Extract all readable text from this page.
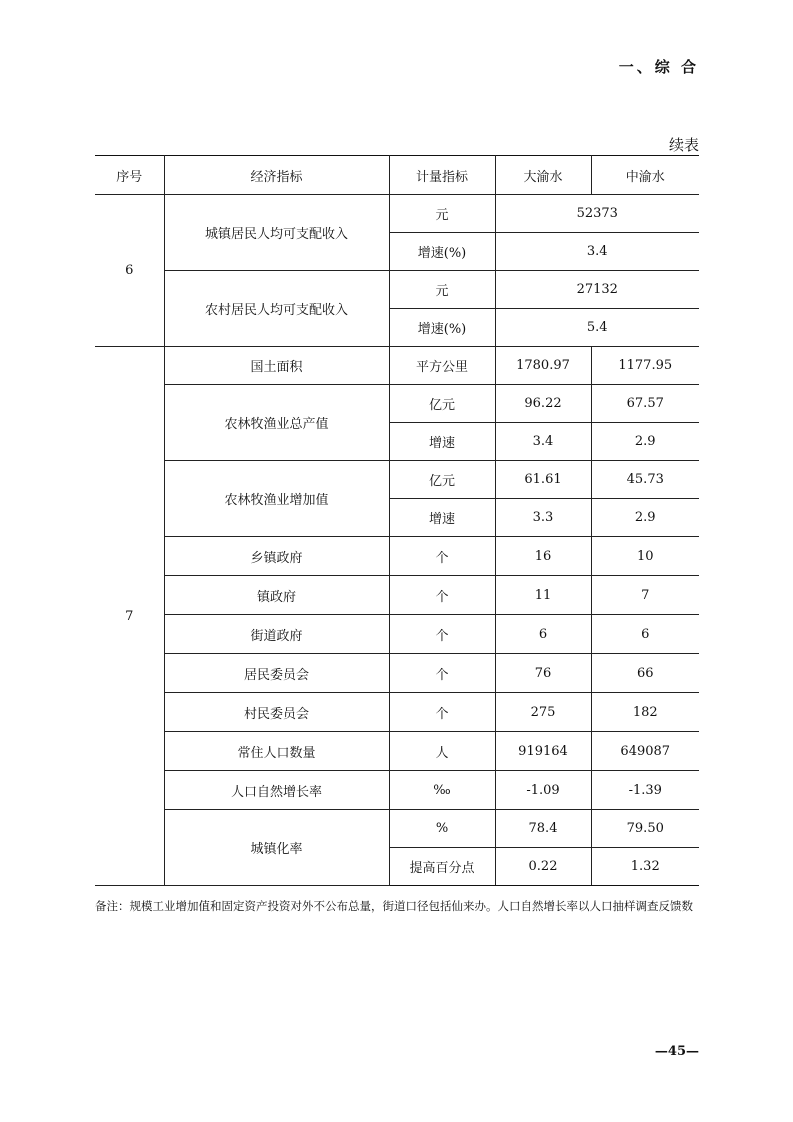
一、综 合
续表
序号	经济指标	计量指标	大渝水	中渝水
6	城镇居民人均可支配收入	元	52373	
		增速(%)	3.4	
	农村居民人均可支配收入	元	27132	
		增速(%)	5.4	
7	国土面积	平方公里	1780.97	1177.95
	农林牧渔业总产值	亿元	96.22	67.57
		增速	3.4	2.9
	农林牧渔业增加值	亿元	61.61	45.73
		增速	3.3	2.9
	乡镇政府	个	16	10
	镇政府	个	11	7
	街道政府	个	6	6
	居民委员会	个	76	66
	村民委员会	个	275	182
	常住人口数量	人	919164	649087
	人口自然增长率	‰	-1.09	-1.39
	城镇化率	%	78.4	79.50
		提高百分点	0.22	1.32
备注：规模工业增加值和固定资产投资对外不公布总量，街道口径包括仙来办。人口自然增长率以人口抽样调查反馈数
—45—
